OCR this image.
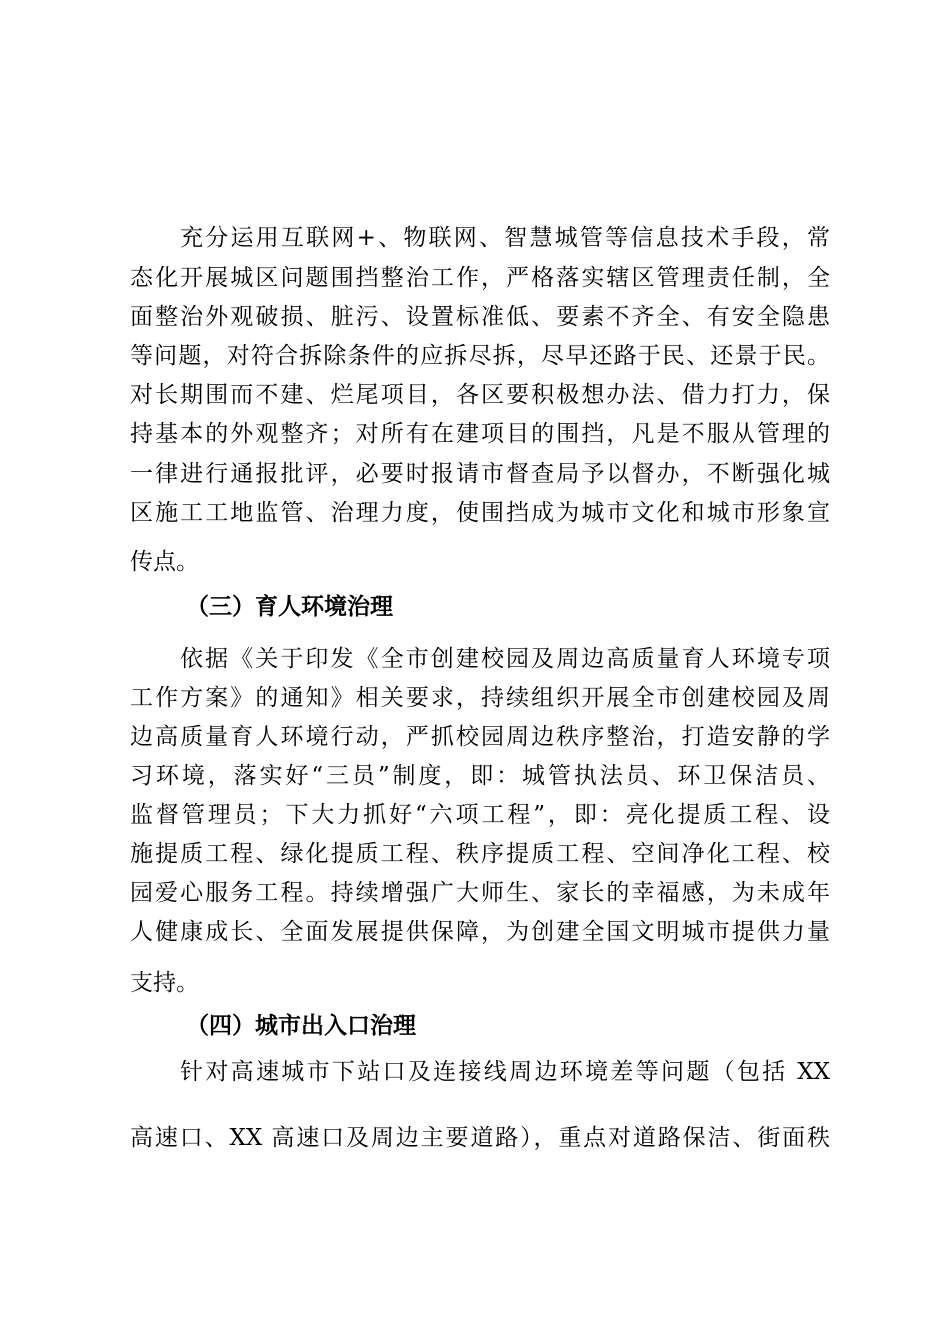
充分运用互联网+、物联网、智慧城管等信息技术手段，常
态化开展城区问题围挡整治工作，严格落实辖区管理责任制，全
面整治外观破损、脏污、设置标准低、要素不齐全、有安全隐患
等问题，对符合拆除条件的应拆尽拆，尽早还路于民、还景于民。
对长期围而不建、烂尾项目，各区要积极想办法、借力打力，保
持基本的外观整齐；对所有在建项目的围挡，凡是不服从管理的
一律进行通报批评，必要时报请市督查局予以督办，不断强化城
区施工工地监管、治理力度，使围挡成为城市文化和城市形象宣
传点。
（三）育人环境治理
依据《关于印发《全市创建校园及周边高质量育人环境专项
工作方案》的通知》相关要求，持续组织开展全市创建校园及周
边高质量育人环境行动，严抓校园周边秩序整治，打造安静的学
习环境，落实好“三员”制度，即：城管执法员、环卫保洁员、
监督管理员；下大力抓好“六项工程”，即：亮化提质工程、设
施提质工程、绿化提质工程、秩序提质工程、空间净化工程、校
园爱心服务工程。持续增强广大师生、家长的幸福感，为未成年
人健康成长、全面发展提供保障，为创建全国文明城市提供力量
支持。
（四）城市出入口治理
针对高速城市下站口及连接线周边环境差等问题（包括 XX
高速口、XX 高速口及周边主要道路），重点对道路保洁、街面秩
